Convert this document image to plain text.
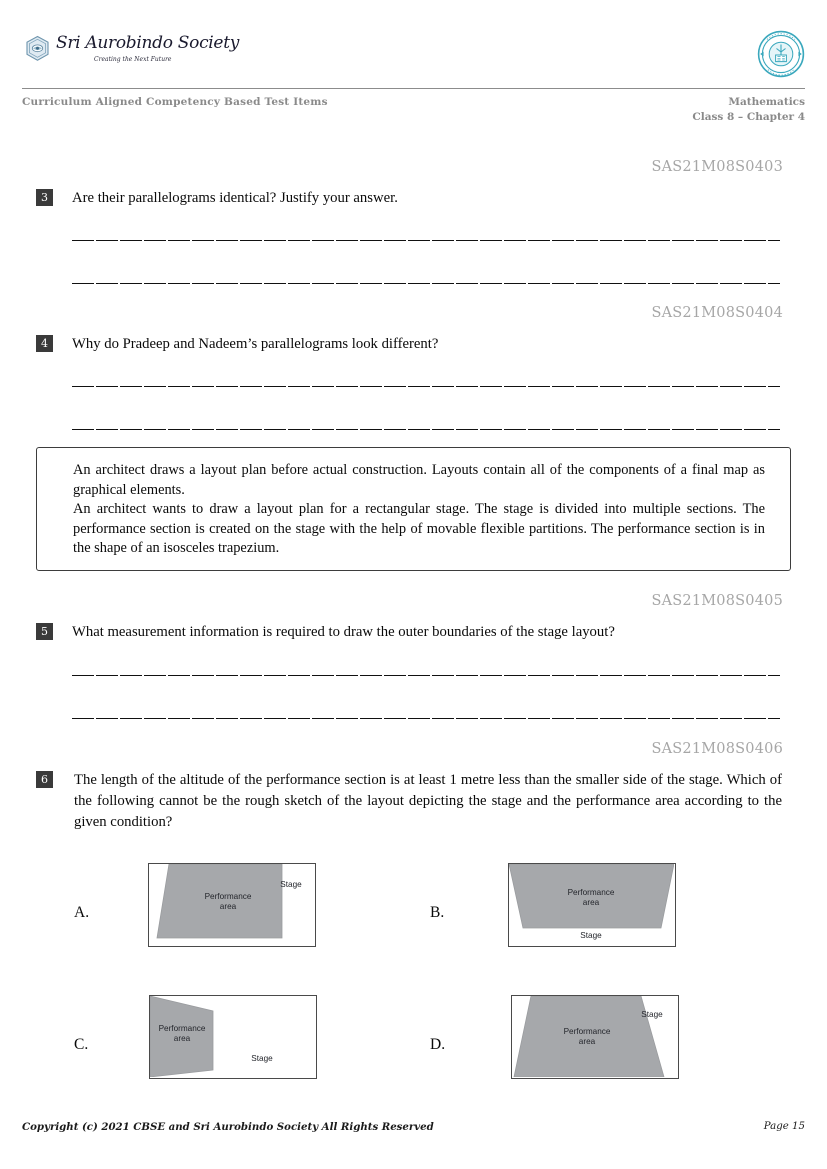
Sri Aurobindo Society
Creating the Next Future
Curriculum Aligned Competency Based Test Items	Mathematics
Class 8 – Chapter 4
SAS21M08S0403
3	Are their parallelograms identical? Justify your answer.
SAS21M08S0404
4	Why do Pradeep and Nadeem’s parallelograms look different?

An architect draws a layout plan before actual construction. Layouts contain all of the components of a final map as graphical elements.

An architect wants to draw a layout plan for a rectangular stage. The stage is divided into multiple sections. The performance section is created on the stage with the help of movable flexible partitions. The performance section is in the shape of an isosceles trapezium.

SAS21M08S0405
5	What measurement information is required to draw the outer boundaries of the stage layout?
SAS21M08S0406
6	The length of the altitude of the performance section is at least 1 metre less than the smaller side of the stage. Which of the following cannot be the rough sketch of the layout depicting the stage and the performance area according to the given condition?
A.
Performance
area
Stage
B.
Performance
area
Stage
C.
Performance
area
Stage
D.
Performance
area
Stage
Copyright (c) 2021 CBSE and Sri Aurobindo Society All Rights Reserved	Page 15
